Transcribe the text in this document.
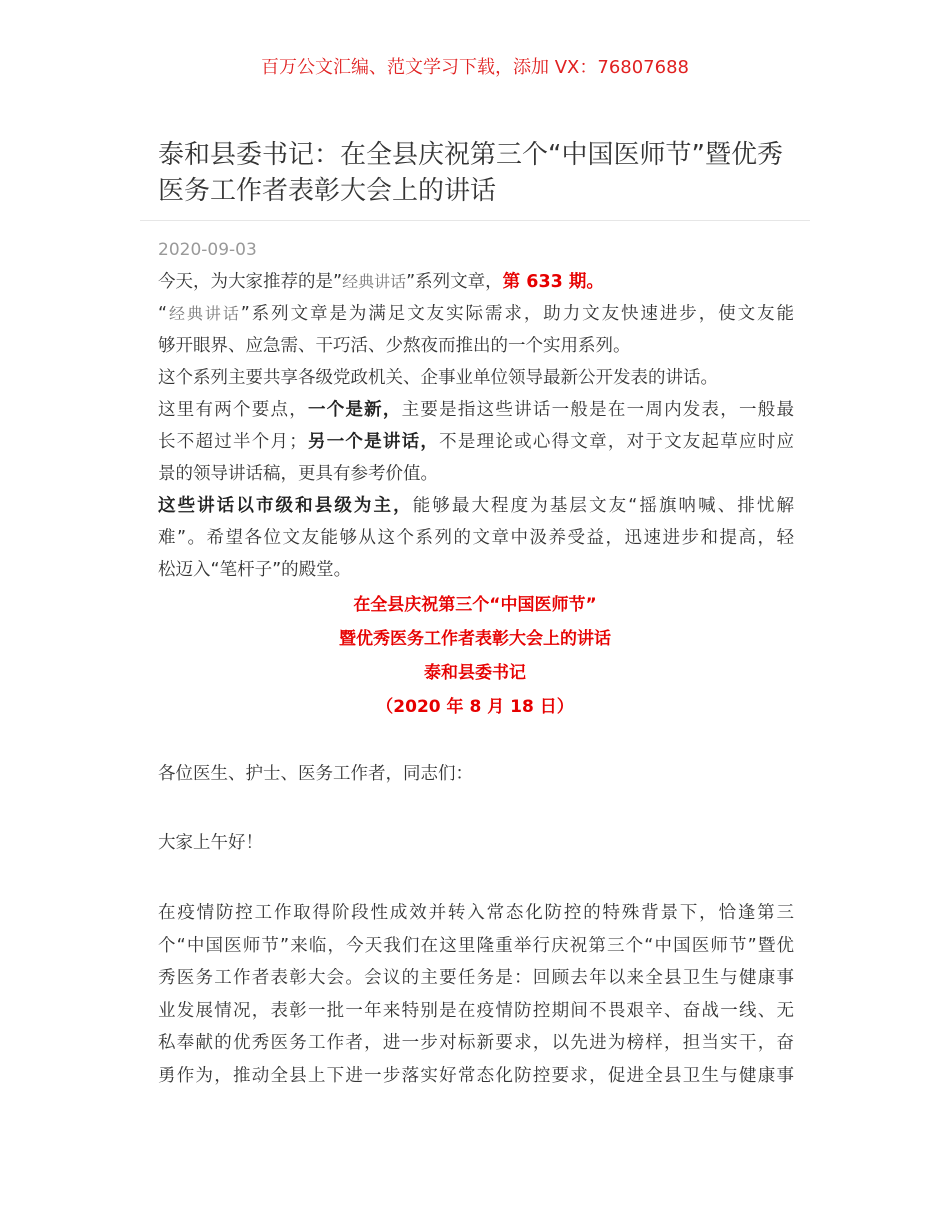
百万公文汇编、范文学习下载，添加 VX：76807688
泰和县委书记：在全县庆祝第三个“中国医师节”暨优秀医务工作者表彰大会上的讲话
2020-09-03
今天，为大家推荐的是”经典讲话”系列文章，第 633 期。
“经典讲话”系列文章是为满足文友实际需求，助力文友快速进步，使文友能
够开眼界、应急需、干巧活、少熬夜而推出的一个实用系列。
这个系列主要共享各级党政机关、企事业单位领导最新公开发表的讲话。
这里有两个要点，一个是新，主要是指这些讲话一般是在一周内发表，一般最
长不超过半个月；另一个是讲话，不是理论或心得文章，对于文友起草应时应
景的领导讲话稿，更具有参考价值。
这些讲话以市级和县级为主，能够最大程度为基层文友“摇旗呐喊、排忧解
难”。希望各位文友能够从这个系列的文章中汲养受益，迅速进步和提高，轻
松迈入“笔杆子”的殿堂。
在全县庆祝第三个“中国医师节”
暨优秀医务工作者表彰大会上的讲话
泰和县委书记
（2020 年 8 月 18 日）
各位医生、护士、医务工作者，同志们：
大家上午好！
在疫情防控工作取得阶段性成效并转入常态化防控的特殊背景下，恰逢第三
个“中国医师节”来临，今天我们在这里隆重举行庆祝第三个“中国医师节”暨优
秀医务工作者表彰大会。会议的主要任务是：回顾去年以来全县卫生与健康事
业发展情况，表彰一批一年来特别是在疫情防控期间不畏艰辛、奋战一线、无
私奉献的优秀医务工作者，进一步对标新要求，以先进为榜样，担当实干，奋
勇作为，推动全县上下进一步落实好常态化防控要求，促进全县卫生与健康事
